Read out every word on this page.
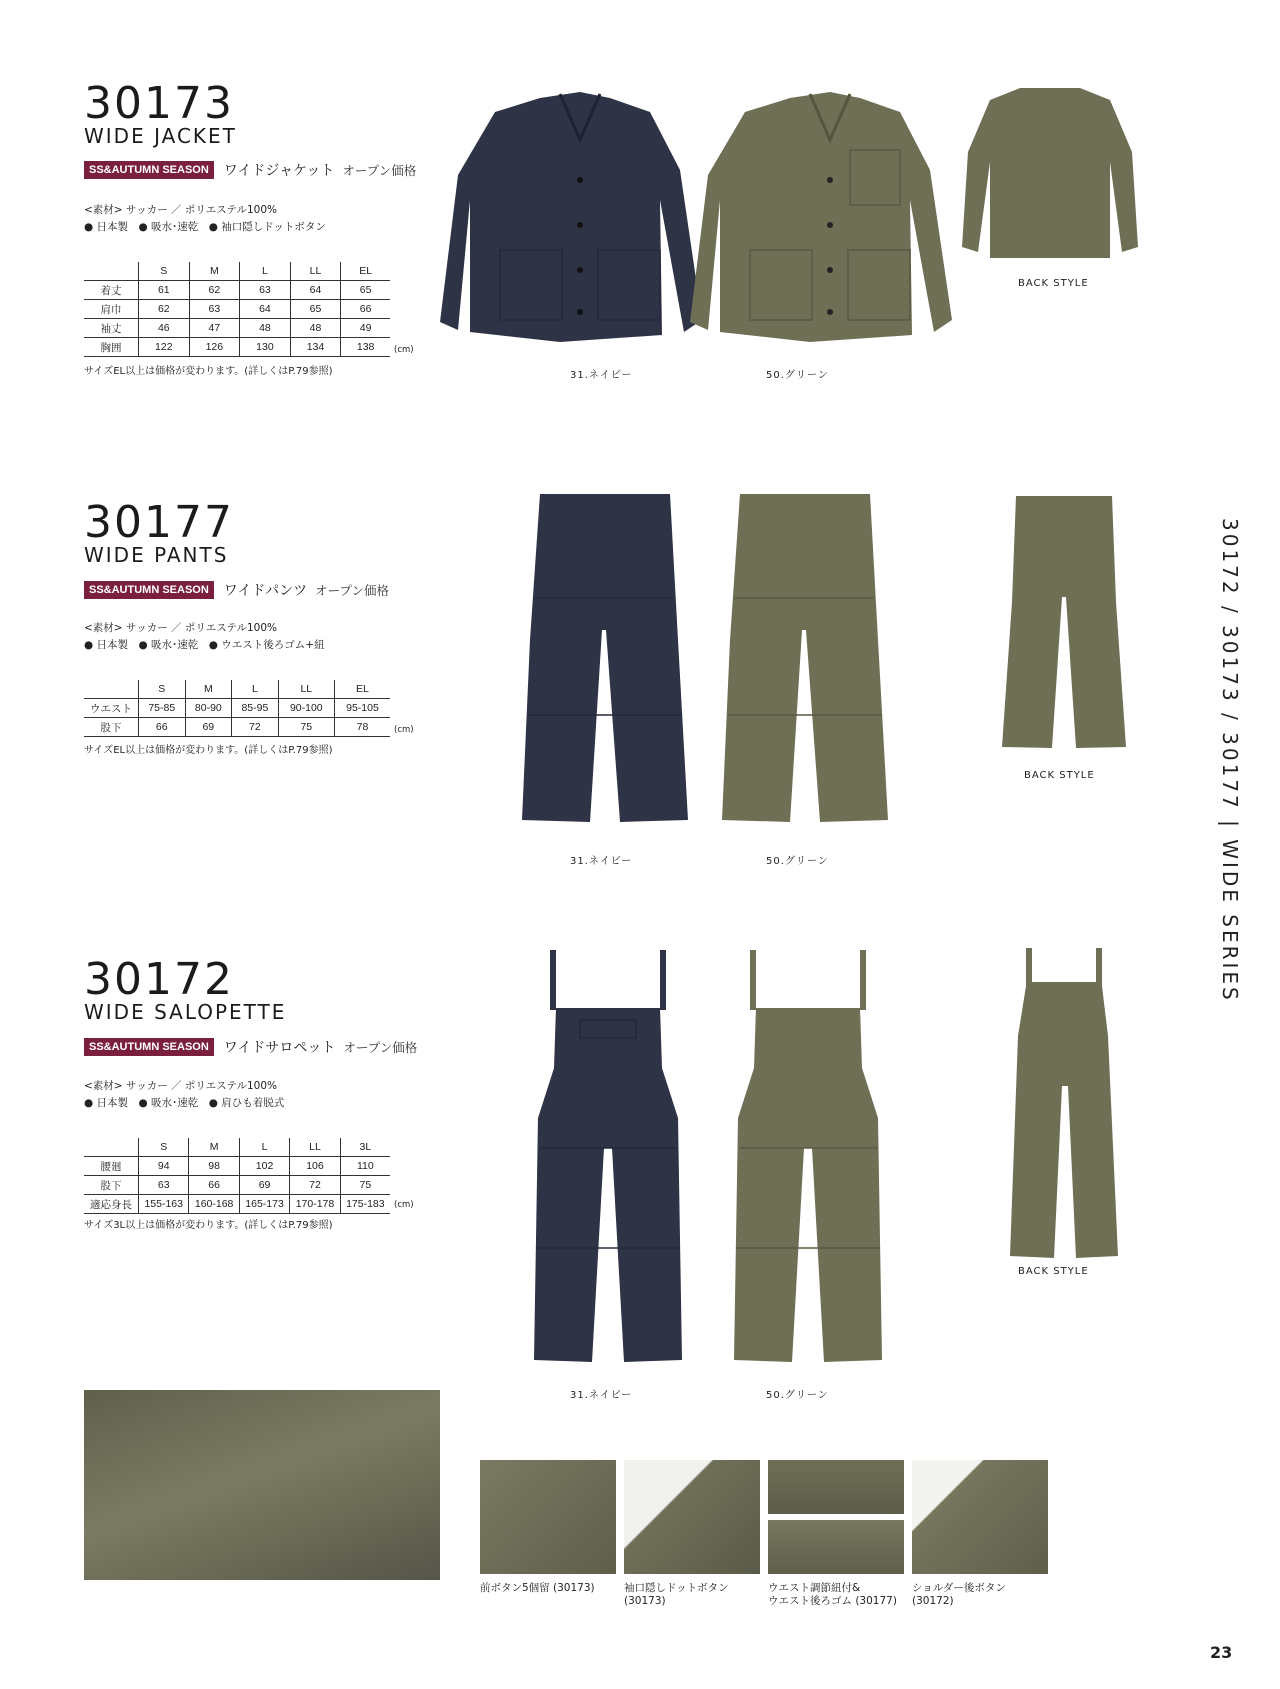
30173
WIDE JACKET
SS&AUTUMN SEASON	ワイドジャケット オープン価格
<素材> サッカー ／ ポリエステル100%
● 日本製　● 吸水･速乾　● 袖口隠しドットボタン
	S	M	L	LL	EL
着丈	61	62	63	64	65
肩巾	62	63	64	65	66
袖丈	46	47	48	48	49
胸囲	122	126	130	134	138 (cm)
サイズEL以上は価格が変わります。(詳しくはP.79参照)
BACK STYLE
31.ネイビー	50.グリーン
30177
WIDE PANTS
SS&AUTUMN SEASON	ワイドパンツ オープン価格
<素材> サッカー ／ ポリエステル100%
● 日本製　● 吸水･速乾　● ウエスト後ろゴム+紐
	S	M	L	LL	EL
ウエスト	75-85	80-90	85-95	90-100	95-105
股下	66	69	72	75	78	(cm)
サイズEL以上は価格が変わります。(詳しくはP.79参照)
BACK STYLE
31.ネイビー	50.グリーン
30172
WIDE SALOPETTE
SS&AUTUMN SEASON	ワイドサロペット オープン価格
<素材> サッカー ／ ポリエステル100%
● 日本製　● 吸水･速乾　● 肩ひも着脱式
	S	M	L	LL	3L
腰廻	94	98	102	106	110
股下	63	66	69	72	75
適応身長	155-163	160-168	165-173	170-178	175-183 (cm)
サイズ3L以上は価格が変わります。(詳しくはP.79参照)
BACK STYLE
31.ネイビー	50.グリーン
前ボタン5個留 (30173)	袖口隠しドットボタン
(30173)
ウエスト調節紐付&
ウエスト後ろゴム (30177)
ショルダー後ボタン
(30172)
30172 / 30173 / 30177 | WIDE SERIES
23
